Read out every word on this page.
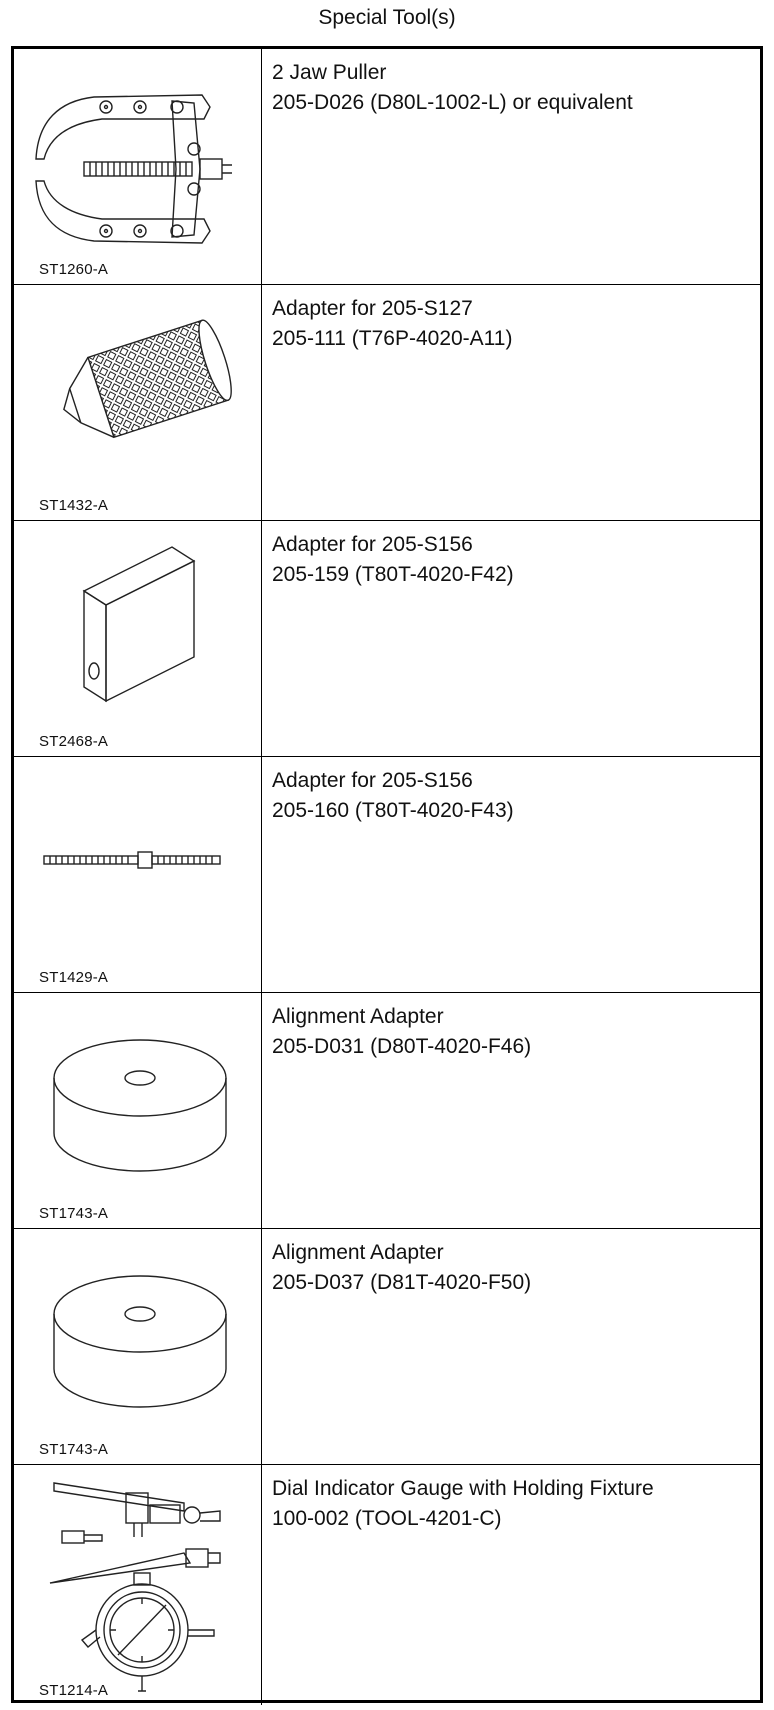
Special Tool(s)
ST1260-A
2 Jaw Puller
205-D026 (D80L-1002-L) or equivalent
ST1432-A
Adapter for 205-S127
205-111 (T76P-4020-A11)
ST2468-A
Adapter for 205-S156
205-159 (T80T-4020-F42)
ST1429-A
Adapter for 205-S156
205-160 (T80T-4020-F43)
ST1743-A
Alignment Adapter
205-D031 (D80T-4020-F46)
ST1743-A
Alignment Adapter
205-D037 (D81T-4020-F50)
ST1214-A
Dial Indicator Gauge with Holding Fixture
100-002 (TOOL-4201-C)
